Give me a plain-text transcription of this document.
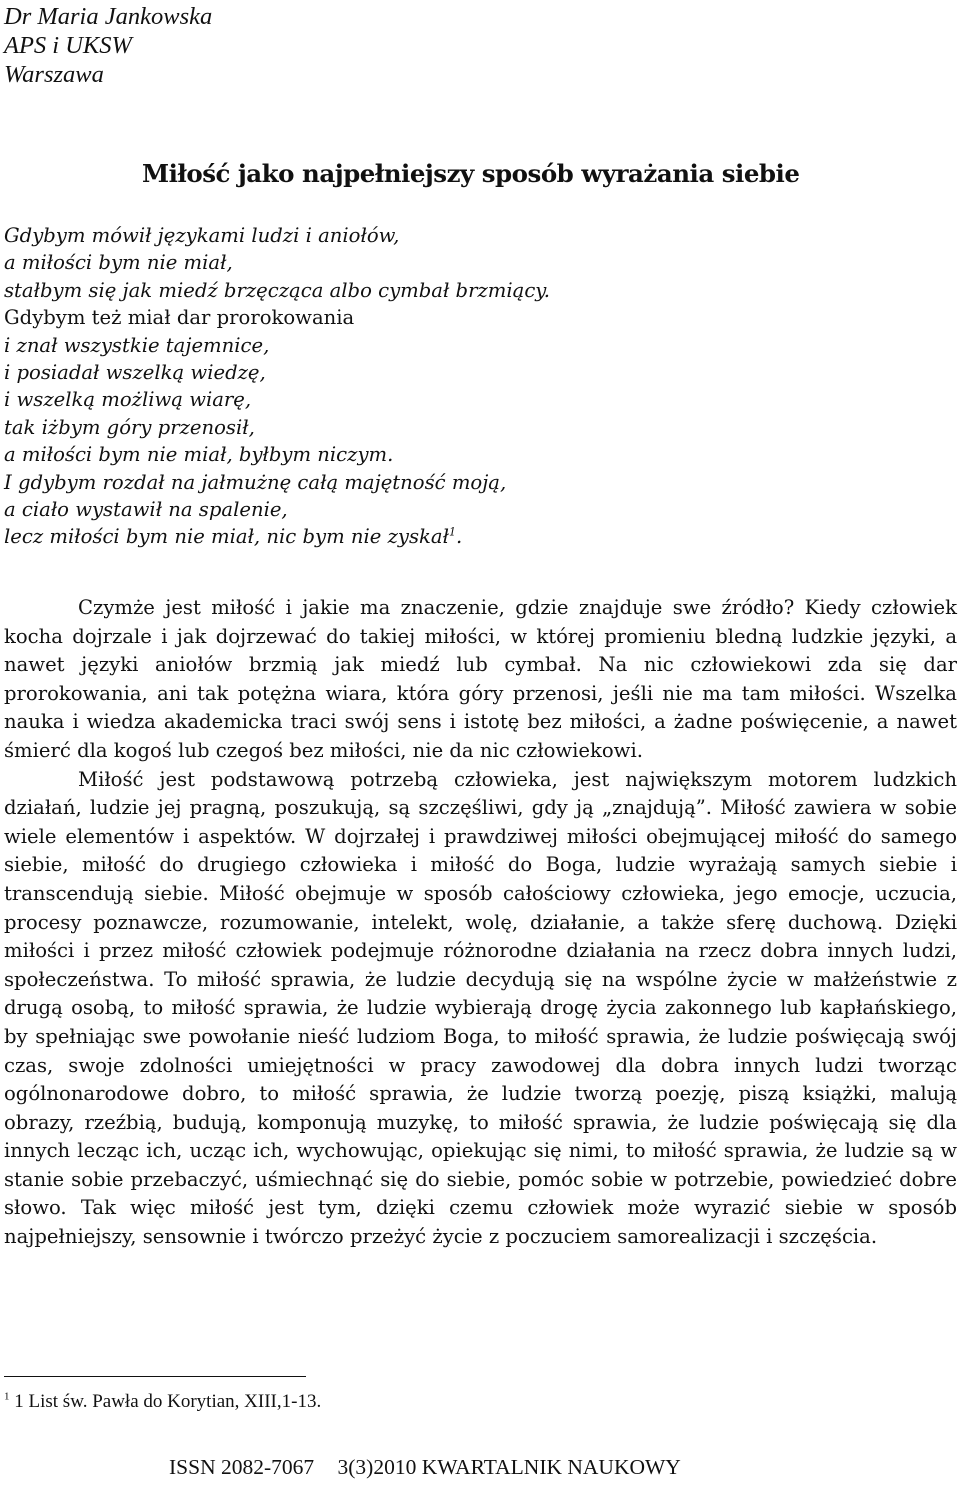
Dr Maria Jankowska
APS i UKSW
Warszawa
Miłość jako najpełniejszy sposób wyrażania siebie
Gdybym mówił językami ludzi i aniołów,
a miłości bym nie miał,
stałbym się jak miedź brzęcząca albo cymbał brzmiący.
Gdybym też miał dar prorokowania
i znał wszystkie tajemnice,
i posiadał wszelką wiedzę,
i wszelką możliwą wiarę,
tak iżbym góry przenosił,
a miłości bym nie miał, byłbym niczym.
I gdybym rozdał na jałmużnę całą majętność moją,
a ciało wystawił na spalenie,
lecz miłości bym nie miał, nic bym nie zyskał$^1$.

Czymże jest miłość i jakie ma znaczenie, gdzie znajduje swe źródło? Kiedy człowiek kocha dojrzale i jak dojrzewać do takiej miłości, w której promieniu bledną ludzkie języki, a nawet języki aniołów brzmią jak miedź lub cymbał. Na nic człowiekowi zda się dar prorokowania, ani tak potężna wiara, która góry przenosi, jeśli nie ma tam miłości. Wszelka nauka i wiedza akademicka traci swój sens i istotę bez miłości, a żadne poświęcenie, a nawet śmierć dla kogoś lub czegoś bez miłości, nie da nic człowiekowi.

Miłość jest podstawową potrzebą człowieka, jest największym motorem ludzkich działań, ludzie jej pragną, poszukują, są szczęśliwi, gdy ją „znajdują”. Miłość zawiera w sobie wiele elementów i aspektów. W dojrzałej i prawdziwej miłości obejmującej miłość do samego siebie, miłość do drugiego człowieka i miłość do Boga, ludzie wyrażają samych siebie i transcendują siebie. Miłość obejmuje w sposób całościowy człowieka, jego emocje, uczucia, procesy poznawcze, rozumowanie, intelekt, wolę, działanie, a także sferę duchową. Dzięki miłości i przez miłość człowiek podejmuje różnorodne działania na rzecz dobra innych ludzi, społeczeństwa. To miłość sprawia, że ludzie decydują się na wspólne życie w małżeństwie z drugą osobą, to miłość sprawia, że ludzie wybierają drogę życia zakonnego lub kapłańskiego, by spełniając swe powołanie nieść ludziom Boga, to miłość sprawia, że ludzie poświęcają swój czas, swoje zdolności umiejętności w pracy zawodowej dla dobra innych ludzi tworząc ogólnonarodowe dobro, to miłość sprawia, że ludzie tworzą poezję, piszą książki, malują obrazy, rzeźbią, budują, komponują muzykę, to miłość sprawia, że ludzie poświęcają się dla innych lecząc ich, ucząc ich, wychowując, opiekując się nimi, to miłość sprawia, że ludzie są w stanie sobie przebaczyć, uśmiechnąć się do siebie, pomóc sobie w potrzebie, powiedzieć dobre słowo. Tak więc miłość jest tym, dzięki czemu człowiek może wyrazić siebie w sposób najpełniejszy, sensownie i twórczo przeżyć życie z poczuciem samorealizacji i szczęścia.

$^1$ 1 List św. Pawła do Korytian, XIII,1-13.
ISSN 2082-7067 3(3)2010 KWARTALNIK NAUKOWY
